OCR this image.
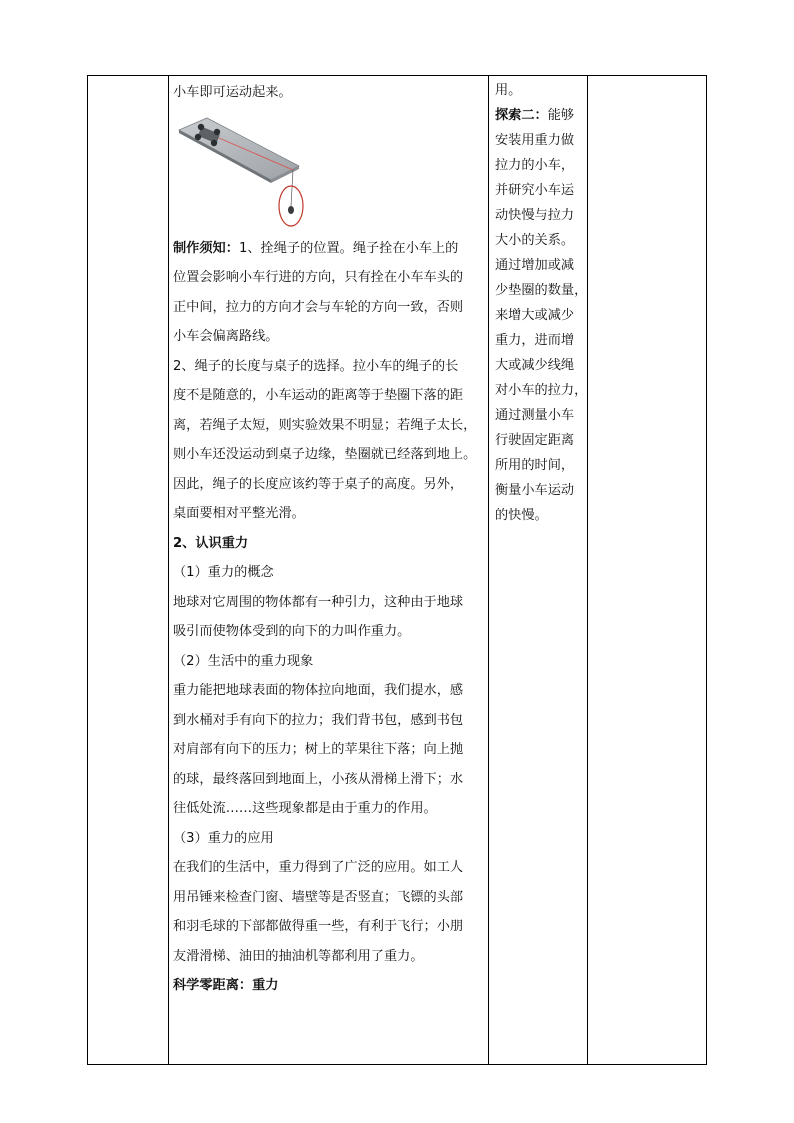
小车即可运动起来。

制作须知：1、拴绳子的位置。绳子拴在小车上的

位置会影响小车行进的方向，只有拴在小车车头的

正中间，拉力的方向才会与车轮的方向一致，否则

小车会偏离路线。

2、绳子的长度与桌子的选择。拉小车的绳子的长

度不是随意的，小车运动的距离等于垫圈下落的距

离，若绳子太短，则实验效果不明显；若绳子太长，

则小车还没运动到桌子边缘，垫圈就已经落到地上。

因此，绳子的长度应该约等于桌子的高度。另外，

桌面要相对平整光滑。

2、认识重力

（1）重力的概念

地球对它周围的物体都有一种引力，这种由于地球

吸引而使物体受到的向下的力叫作重力。

（2）生活中的重力现象

重力能把地球表面的物体拉向地面，我们提水，感

到水桶对手有向下的拉力；我们背书包，感到书包

对肩部有向下的压力；树上的苹果往下落；向上抛

的球，最终落回到地面上，小孩从滑梯上滑下；水

往低处流……这些现象都是由于重力的作用。

（3）重力的应用

在我们的生活中，重力得到了广泛的应用。如工人

用吊锤来检查门窗、墙壁等是否竖直；飞镖的头部

和羽毛球的下部都做得重一些，有利于飞行；小朋

友滑滑梯、油田的抽油机等都利用了重力。

科学零距离：重力

用。

探索二：能够

安装用重力做

拉力的小车，

并研究小车运

动快慢与拉力

大小的关系。

通过增加或减

少垫圈的数量，

来增大或减少

重力，进而增

大或减少线绳

对小车的拉力，

通过测量小车

行驶固定距离

所用的时间，

衡量小车运动

的快慢。
